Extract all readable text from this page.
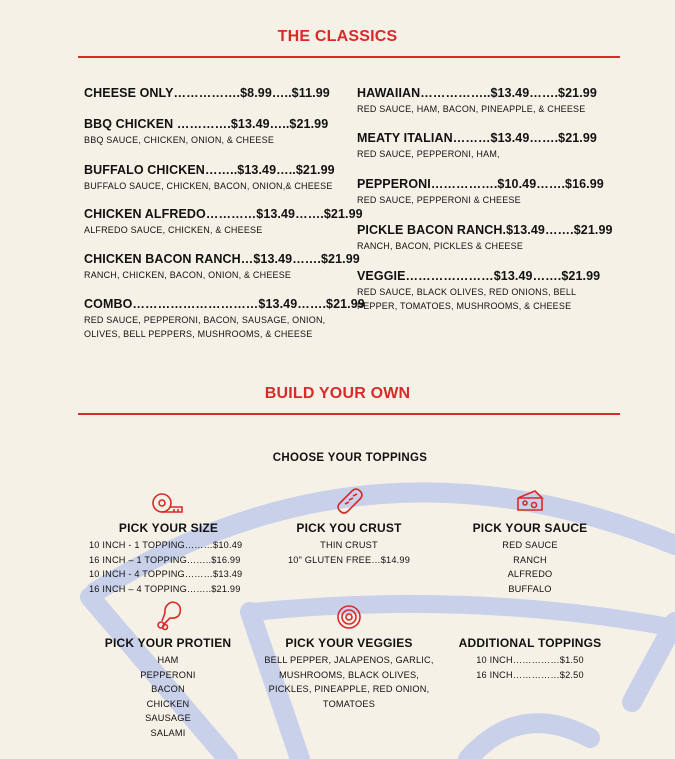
THE CLASSICS
CHEESE ONLY…………….$8.99…..$11.99
BBQ CHICKEN ………….$13.49…..$21.99
BBQ SAUCE, CHICKEN, ONION, & CHEESE
BUFFALO CHICKEN……..$13.49…..$21.99
BUFFALO SAUCE, CHICKEN, BACON, ONION,& CHEESE
CHICKEN ALFREDO…………$13.49…….$21.99
ALFREDO SAUCE, CHICKEN, & CHEESE
CHICKEN BACON RANCH…$13.49…….$21.99
RANCH, CHICKEN, BACON, ONION, & CHEESE
COMBO…………………………$13.49…….$21.99
RED SAUCE, PEPPERONI, BACON, SAUSAGE, ONION, OLIVES, BELL PEPPERS, MUSHROOMS, & CHEESE
HAWAIIAN……………..$13.49…….$21.99
RED SAUCE, HAM, BACON, PINEAPPLE, & CHEESE
MEATY ITALIAN………$13.49…….$21.99
RED SAUCE, PEPPERONI, HAM,
PEPPERONI…………….$10.49…….$16.99
RED SAUCE, PEPPERONI & CHEESE
PICKLE BACON RANCH.$13.49…….$21.99
RANCH, BACON, PICKLES & CHEESE
VEGGIE…………………$13.49…….$21.99
RED SAUCE, BLACK OLIVES, RED ONIONS, BELL PEPPER, TOMATOES, MUSHROOMS, & CHEESE
BUILD YOUR OWN
CHOOSE YOUR TOPPINGS
PICK YOUR SIZE
10 INCH - 1 TOPPING………$10.49
16 INCH – 1 TOPPING……..$16.99
10 INCH - 4 TOPPING………$13.49
16 INCH – 4 TOPPING……..$21.99
PICK YOU CRUST
THIN CRUST
10" GLUTEN FREE…$14.99
PICK YOUR SAUCE
RED SAUCE
RANCH
ALFREDO
BUFFALO
PICK YOUR PROTIEN
HAM
PEPPERONI
BACON
CHICKEN
SAUSAGE
SALAMI
PICK YOUR VEGGIES
BELL PEPPER, JALAPENOS, GARLIC,
MUSHROOMS, BLACK OLIVES,
PICKLES, PINEAPPLE, RED ONION,
TOMATOES
ADDITIONAL TOPPINGS
10 INCH……………$1.50
16 INCH……………$2.50
